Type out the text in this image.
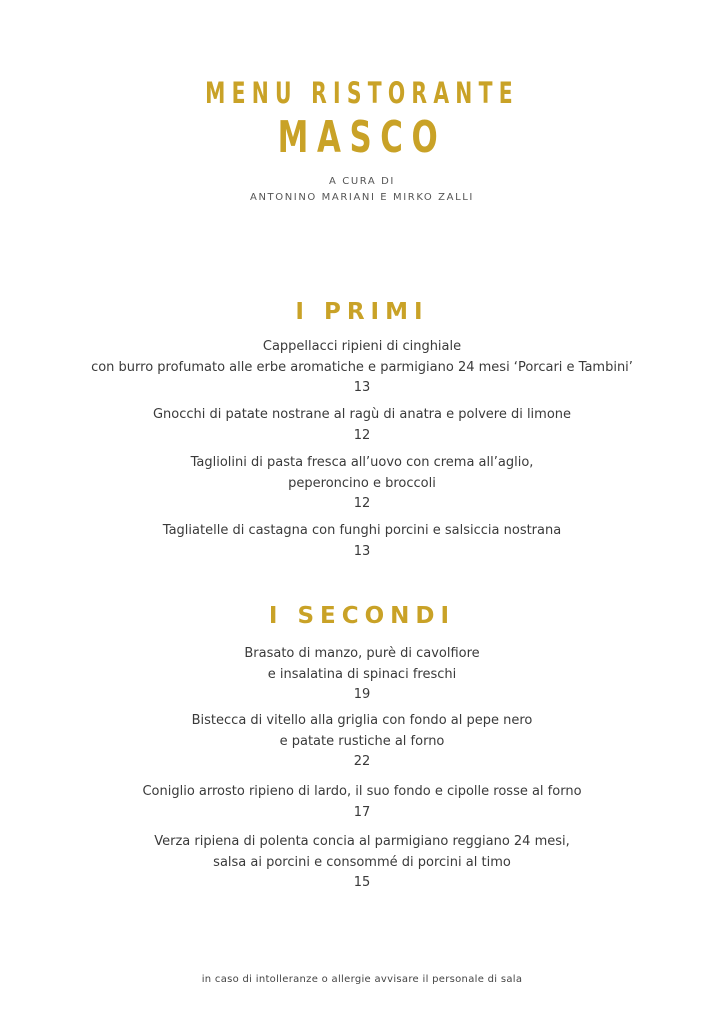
MENU RISTORANTE
MASCO
A CURA DI
ANTONINO MARIANI E MIRKO ZALLI
I PRIMI
Cappellacci ripieni di cinghiale
con burro profumato alle erbe aromatiche e parmigiano 24 mesi ‘Porcari e Tambini’
13
Gnocchi di patate nostrane al ragù di anatra e polvere di limone
12
Tagliolini di pasta fresca all’uovo con crema all’aglio,
peperoncino e broccoli
12
Tagliatelle di castagna con funghi porcini e salsiccia nostrana
13
I SECONDI
Brasato di manzo, purè di cavolfiore
e insalatina di spinaci freschi
19
Bistecca di vitello alla griglia con fondo al pepe nero
e patate rustiche al forno
22
Coniglio arrosto ripieno di lardo, il suo fondo e cipolle rosse al forno
17
Verza ripiena di polenta concia al parmigiano reggiano 24 mesi,
salsa ai porcini e consommé di porcini al timo
15
in caso di intolleranze o allergie avvisare il personale di sala
